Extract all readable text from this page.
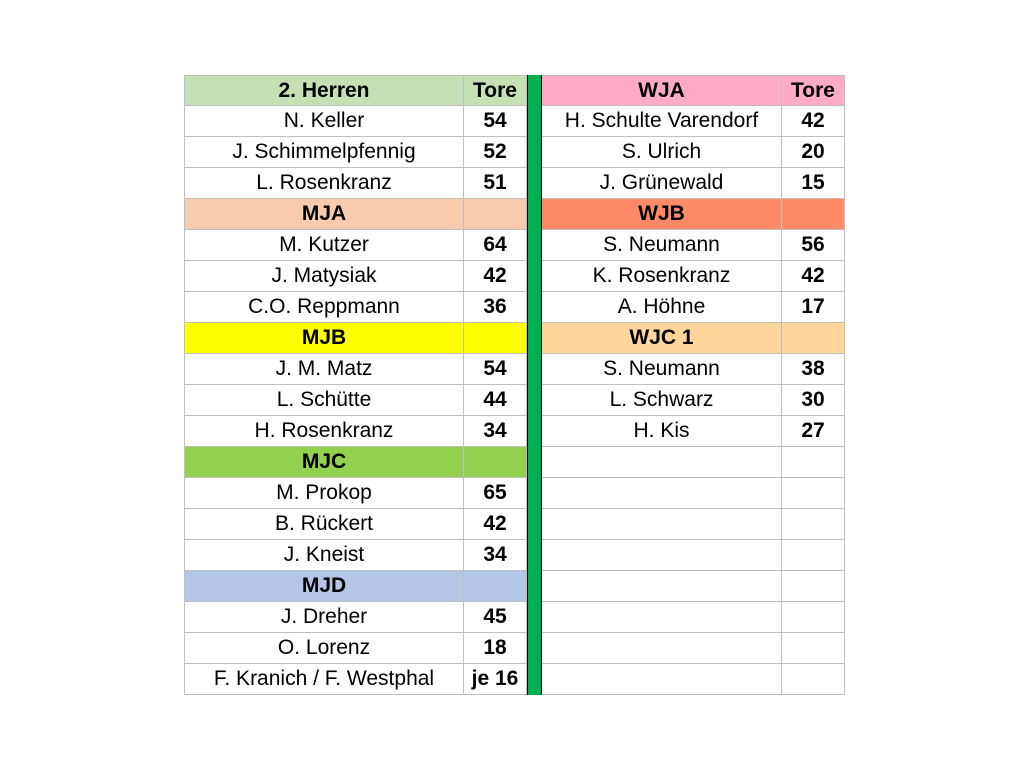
2. Herren	Tore
N. Keller	54
J. Schimmelpfennig	52
L. Rosenkranz	51
MJA
M. Kutzer	64
J. Matysiak	42
C.O. Reppmann	36
MJB
J. M. Matz	54
L. Schütte	44
H. Rosenkranz	34
MJC
M. Prokop	65
B. Rückert	42
J. Kneist	34
MJD
J. Dreher	45
O. Lorenz	18
F. Kranich / F. Westphal	je 16
WJA	Tore
H. Schulte Varendorf	42
S. Ulrich	20
J. Grünewald	15
WJB
S. Neumann	56
K. Rosenkranz	42
A. Höhne	17
WJC 1
S. Neumann	38
L. Schwarz	30
H. Kis	27
